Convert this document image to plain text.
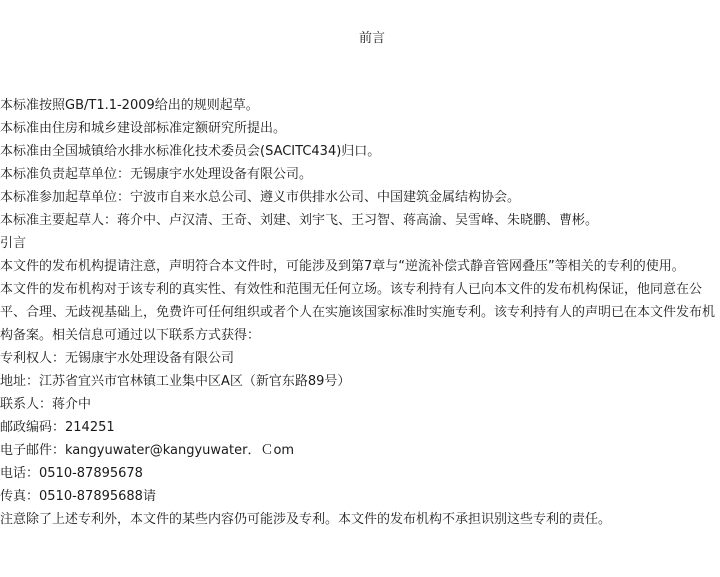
前言

本标准按照GB/T1.1-2009给出的规则起草。

本标准由住房和城乡建设部标准定额研究所提出。

本标准由全国城镇给水排水标准化技术委员会(SACITC434)归口。

本标准负责起草单位：无锡康宇水处理设备有限公司。

本标准参加起草单位：宁波市自来水总公司、遵义市供排水公司、中国建筑金属结构协会。

本标准主要起草人：蒋介中、卢汉清、王奇、刘建、刘宇飞、王习智、蒋高渝、吴雪峰、朱晓鹏、曹彬。

引言

本文件的发布机构提请注意，声明符合本文件时，可能涉及到第7章与“逆流补偿式静音管网叠压”等相关的专利的使用。

本文件的发布机构对于该专利的真实性、有效性和范围无任何立场。该专利持有人已向本文件的发布机构保证，他同意在公平、合理、无歧视基础上，免费许可任何组织或者个人在实施该国家标准时实施专利。该专利持有人的声明已在本文件发布机构备案。相关信息可通过以下联系方式获得：

专利权人：无锡康宇水处理设备有限公司

地址：江苏省宜兴市官林镇工业集中区A区（新官东路89号）

联系人：蒋介中

邮政编码：214251

电子邮件：kangyuwater@kangyuwater．Ｃom

电话：0510-87895678

传真：0510-87895688请

注意除了上述专利外，本文件的某些内容仍可能涉及专利。本文件的发布机构不承担识别这些专利的责任。
